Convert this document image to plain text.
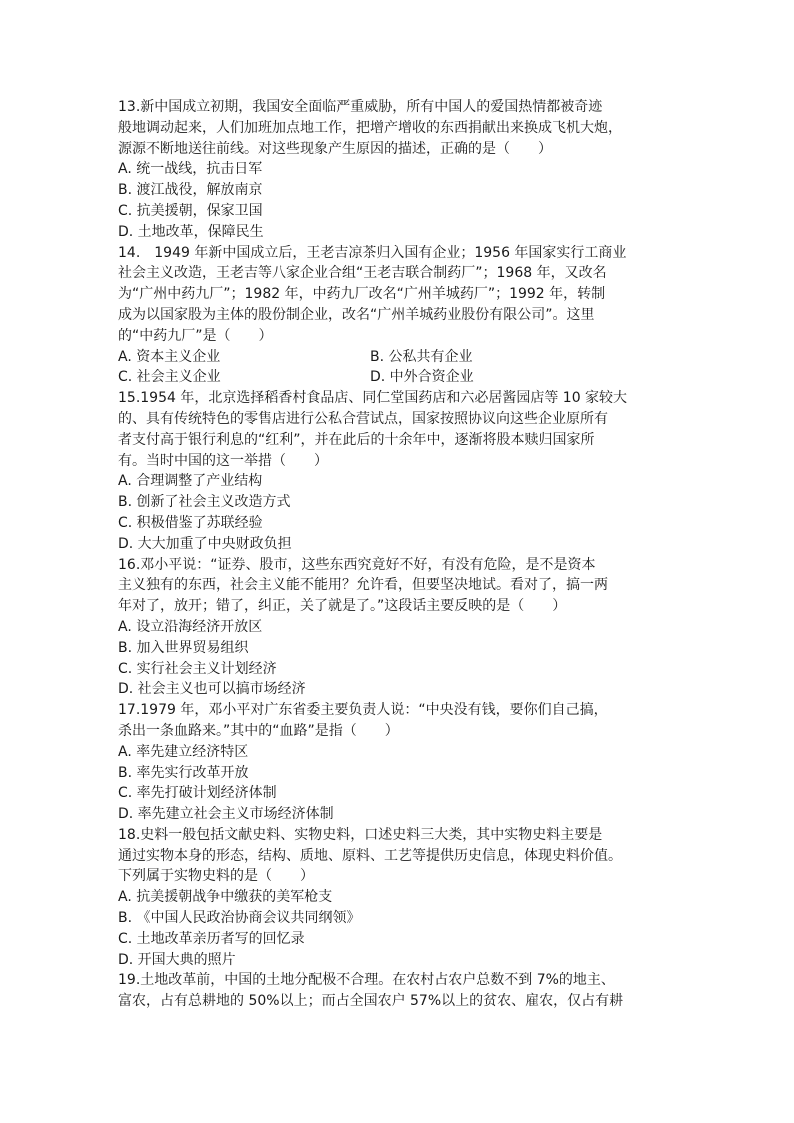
13.新中国成立初期，我国安全面临严重威胁，所有中国人的爱国热情都被奇迹
般地调动起来，人们加班加点地工作，把增产增收的东西捐献出来换成飞机大炮，
源源不断地送往前线。对这些现象产生原因的描述，正确的是（　　）
A. 统一战线，抗击日军
B. 渡江战役，解放南京
C. 抗美援朝，保家卫国
D. 土地改革，保障民生
14.　1949 年新中国成立后，王老吉凉茶归入国有企业；1956 年国家实行工商业
社会主义改造，王老吉等八家企业合组“王老吉联合制药厂”；1968 年，又改名
为“广州中药九厂”；1982 年，中药九厂改名“广州羊城药厂”；1992 年，转制
成为以国家股为主体的股份制企业，改名“广州羊城药业股份有限公司”。这里
的“中药九厂”是（　　）
A. 资本主义企业	B. 公私共有企业
C. 社会主义企业	D. 中外合资企业
15.1954 年，北京选择稻香村食品店、同仁堂国药店和六必居酱园店等 10 家较大
的、具有传统特色的零售店进行公私合营试点，国家按照协议向这些企业原所有
者支付高于银行利息的“红利”，并在此后的十余年中，逐渐将股本赎归国家所
有。当时中国的这一举措（　　）
A. 合理调整了产业结构
B. 创新了社会主义改造方式
C. 积极借鉴了苏联经验
D. 大大加重了中央财政负担
16.邓小平说：“证券、股市，这些东西究竟好不好，有没有危险，是不是资本
主义独有的东西，社会主义能不能用？允许看，但要坚决地试。看对了，搞一两
年对了，放开；错了，纠正，关了就是了。”这段话主要反映的是（　　）
A. 设立沿海经济开放区
B. 加入世界贸易组织
C. 实行社会主义计划经济
D. 社会主义也可以搞市场经济
17.1979 年，邓小平对广东省委主要负责人说：“中央没有钱，要你们自己搞，
杀出一条血路来。”其中的“血路”是指（　　）
A. 率先建立经济特区
B. 率先实行改革开放
C. 率先打破计划经济体制
D. 率先建立社会主义市场经济体制
18.史料一般包括文献史料、实物史料，口述史料三大类，其中实物史料主要是
通过实物本身的形态，结构、质地、原料、工艺等提供历史信息，体现史料价值。
下列属于实物史料的是（　　）
A. 抗美援朝战争中缴获的美军枪支
B. 《中国人民政治协商会议共同纲领》
C. 土地改革亲历者写的回忆录
D. 开国大典的照片
19.土地改革前，中国的土地分配极不合理。在农村占农户总数不到 7%的地主、
富农，占有总耕地的 50%以上；而占全国农户 57%以上的贫农、雇农，仅占有耕
